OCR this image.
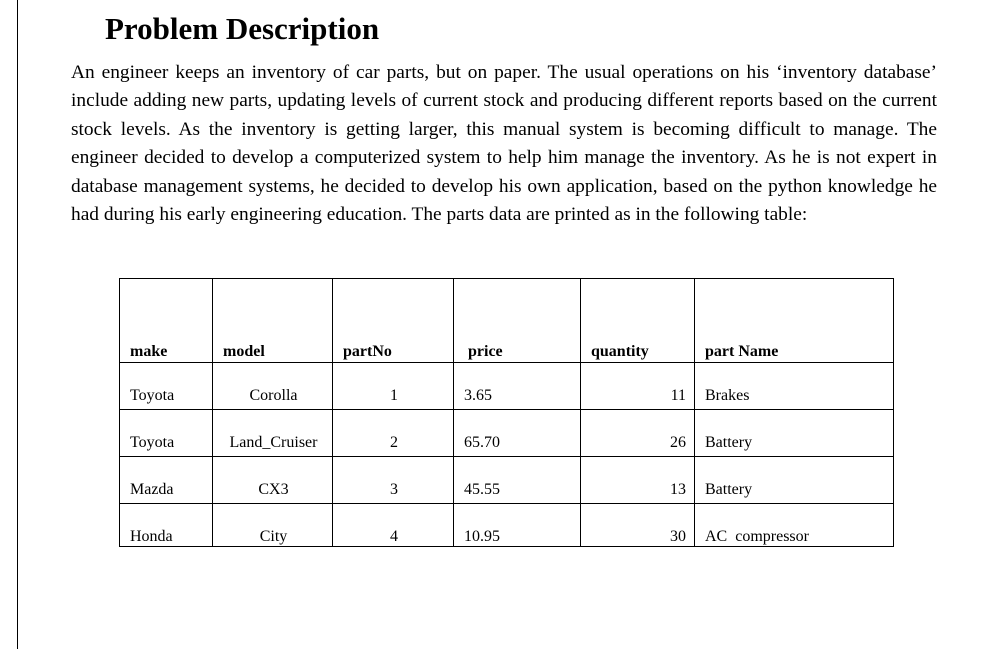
Problem Description

An engineer keeps an inventory of car parts, but on paper. The usual operations on his ‘inventory database’ include adding new parts, updating levels of current stock and producing different reports based on the current stock levels. As the inventory is getting larger, this manual system is becoming difficult to manage. The engineer decided to develop a computerized system to help him manage the inventory. As he is not expert in database management systems, he decided to develop his own application, based on the python knowledge he had during his early engineering education. The parts data are printed as in the following table:

make	model	partNo	price	quantity	part Name
Toyota	Corolla	1	3.65	11	Brakes
Toyota	Land_Cruiser	2	65.70	26	Battery
Mazda	CX3	3	45.55	13	Battery
Honda	City	4	10.95	30	AC  compressor
